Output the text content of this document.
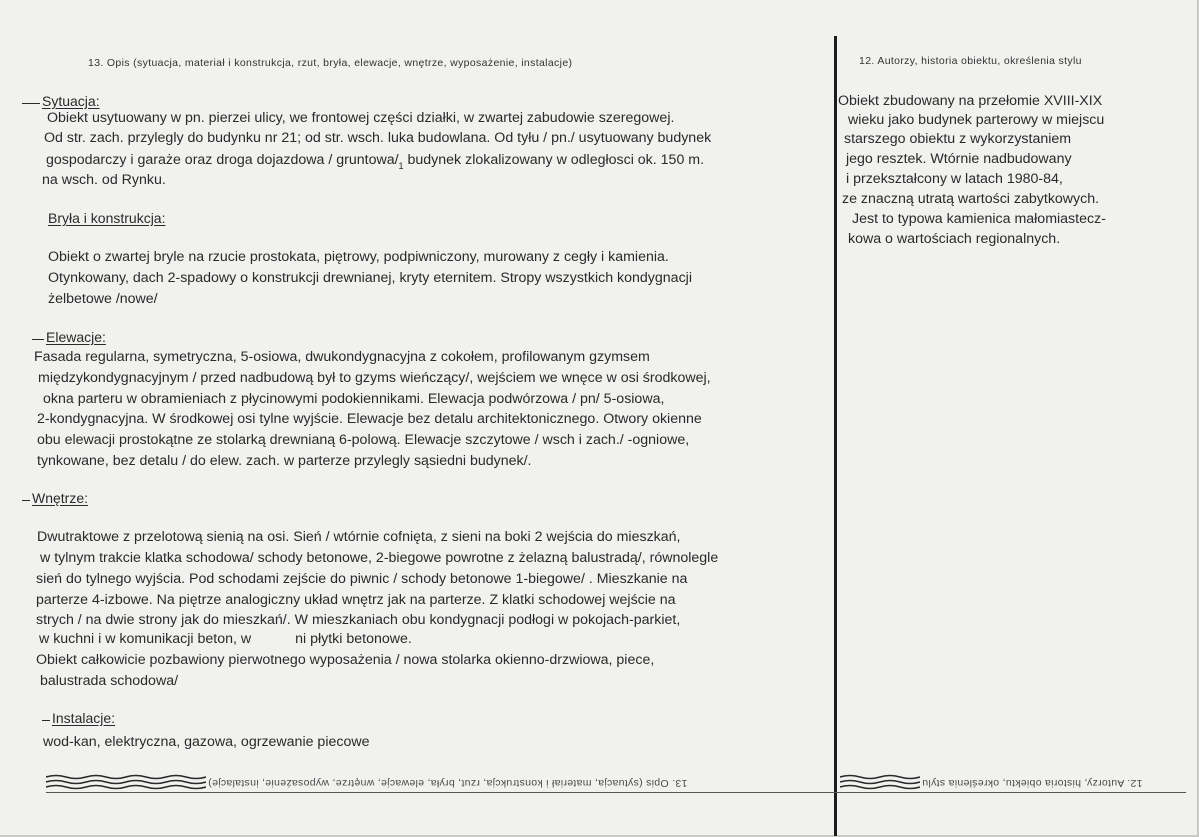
13. Opis (sytuacja, materiał i konstrukcja, rzut, bryła, elewacje, wnętrze, wyposażenie, instalacje)	12. Autorzy, historia obiektu, określenia stylu
Sytuacja:
Obiekt usytuowany w pn. pierzei ulicy, we frontowej części działki, w zwartej zabudowie szeregowej.
Od str. zach. przylegly do budynku nr 21; od str. wsch. luka budowlana. Od tyłu / pn./ usytuowany budynek
gospodarczy i garaże oraz droga dojazdowa / gruntowa/$_1$ budynek zlokalizowany w odległosci ok. 150 m.
na wsch. od Rynku.
Bryła i konstrukcja:
Obiekt o zwartej bryle na rzucie prostokata, piętrowy, podpiwniczony, murowany z cegły i kamienia.
Otynkowany, dach 2-spadowy o konstrukcji drewnianej, kryty eternitem. Stropy wszystkich kondygnacji
żelbetowe /nowe/
Elewacje:
Fasada regularna, symetryczna, 5-osiowa, dwukondygnacyjna z cokołem, profilowanym gzymsem
międzykondygnacyjnym / przed nadbudową był to gzyms wieńczący/, wejściem we wnęce w osi środkowej,
okna parteru w obramieniach z płycinowymi podokiennikami. Elewacja podwórzowa / pn/ 5-osiowa,
2-kondygnacyjna. W środkowej osi tylne wyjście. Elewacje bez detalu architektonicznego. Otwory okienne
obu elewacji prostokątne ze stolarką drewnianą 6-polową. Elewacje szczytowe / wsch i zach./ -ogniowe,
tynkowane, bez detalu / do elew. zach. w parterze przylegly sąsiedni budynek/.
Wnętrze:
Dwutraktowe z przelotową sienią na osi. Sień / wtórnie cofnięta, z sieni na boki 2 wejścia do mieszkań,
w tylnym trakcie klatka schodowa/ schody betonowe, 2-biegowe powrotne z żelazną balustradą/, równolegle
sień do tylnego wyjścia. Pod schodami zejście do piwnic / schody betonowe 1-biegowe/ . Mieszkanie na
parterze 4-izbowe. Na piętrze analogiczny układ wnętrz jak na parterze. Z klatki schodowej wejście na
strych / na dwie strony jak do mieszkań/. W mieszkaniach obu kondygnacji podłogi w pokojach-parkiet,
w kuchni i w komunikacji beton, w	ni płytki betonowe.
Obiekt całkowicie pozbawiony pierwotnego wyposażenia / nowa stolarka okienno-drzwiowa, piece,
balustrada schodowa/
Instalacje:
wod-kan, elektryczna, gazowa, ogrzewanie piecowe
Obiekt zbudowany na przełomie XVIII-XIX
wieku jako budynek parterowy w miejscu
starszego obiektu z wykorzystaniem
jego resztek. Wtórnie nadbudowany
i przekształcony w latach 1980-84,
ze znaczną utratą wartości zabytkowych.
Jest to typowa kamienica małomiastecz-
kowa o wartościach regionalnych.
13. Opis (sytuacja, materiał i konstrukcja, rzut, bryła, elewacje, wnętrze, wyposażenie, instalacje)	12. Autorzy, historia obiektu, określenia stylu
